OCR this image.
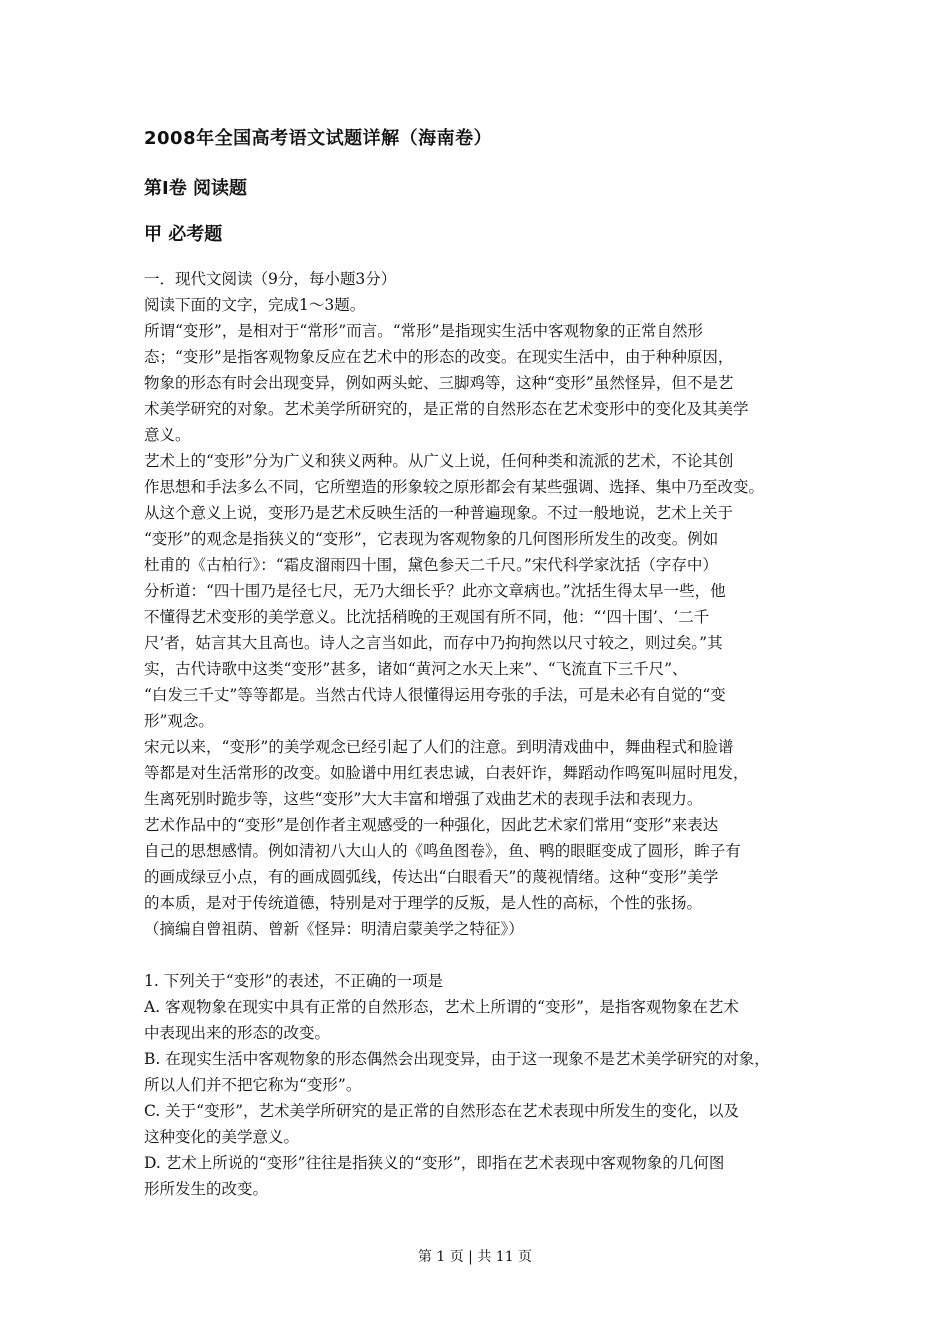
2008年全国高考语文试题详解（海南卷）
第Ⅰ卷 阅读题
甲 必考题

一．现代文阅读（9分，每小题3分）

阅读下面的文字，完成1～3题。

所谓“变形”，是相对于“常形”而言。“常形”是指现实生活中客观物象的正常自然形

态；“变形”是指客观物象反应在艺术中的形态的改变。在现实生活中，由于种种原因，

物象的形态有时会出现变异，例如两头蛇、三脚鸡等，这种“变形”虽然怪异，但不是艺

术美学研究的对象。艺术美学所研究的，是正常的自然形态在艺术变形中的变化及其美学

意义。

艺术上的“变形”分为广义和狭义两种。从广义上说，任何种类和流派的艺术，不论其创

作思想和手法多么不同，它所塑造的形象较之原形都会有某些强调、选择、集中乃至改变。

从这个意义上说，变形乃是艺术反映生活的一种普遍现象。不过一般地说，艺术上关于

“变形”的观念是指狭义的“变形”，它表现为客观物象的几何图形所发生的改变。例如

杜甫的《古柏行》：“霜皮溜雨四十围，黛色参天二千尺。”宋代科学家沈括（字存中）

分析道：“四十围乃是径七尺，无乃大细长乎？此亦文章病也。”沈括生得太早一些，他

不懂得艺术变形的美学意义。比沈括稍晚的王观国有所不同，他：“‘四十围’、‘二千

尺’者，姑言其大且高也。诗人之言当如此，而存中乃拘拘然以尺寸较之，则过矣。”其

实，古代诗歌中这类“变形”甚多，诸如“黄河之水天上来”、“飞流直下三千尺”、

“白发三千丈”等等都是。当然古代诗人很懂得运用夸张的手法，可是未必有自觉的“变

形”观念。

宋元以来，“变形”的美学观念已经引起了人们的注意。到明清戏曲中，舞曲程式和脸谱

等都是对生活常形的改变。如脸谱中用红表忠诚，白表奸诈，舞蹈动作鸣冤叫屈时甩发，

生离死别时跪步等，这些“变形”大大丰富和增强了戏曲艺术的表现手法和表现力。

艺术作品中的“变形”是创作者主观感受的一种强化，因此艺术家们常用“变形”来表达

自己的思想感情。例如清初八大山人的《鸣鱼图卷》，鱼、鸭的眼眶变成了圆形，眸子有

的画成绿豆小点，有的画成圆弧线，传达出“白眼看天”的蔑视情绪。这种“变形”美学

的本质，是对于传统道德，特别是对于理学的反叛，是人性的高标，个性的张扬。

（摘编自曾祖荫、曾新《怪异：明清启蒙美学之特征》）

1. 下列关于“变形”的表述，不正确的一项是

A. 客观物象在现实中具有正常的自然形态，艺术上所谓的“变形”，是指客观物象在艺术

中表现出来的形态的改变。

B. 在现实生活中客观物象的形态偶然会出现变异，由于这一现象不是艺术美学研究的对象，

所以人们并不把它称为“变形”。

C. 关于“变形”，艺术美学所研究的是正常的自然形态在艺术表现中所发生的变化，以及

这种变化的美学意义。

D. 艺术上所说的“变形”往往是指狭义的“变形”，即指在艺术表现中客观物象的几何图

形所发生的改变。

第 1 页 | 共 11 页
